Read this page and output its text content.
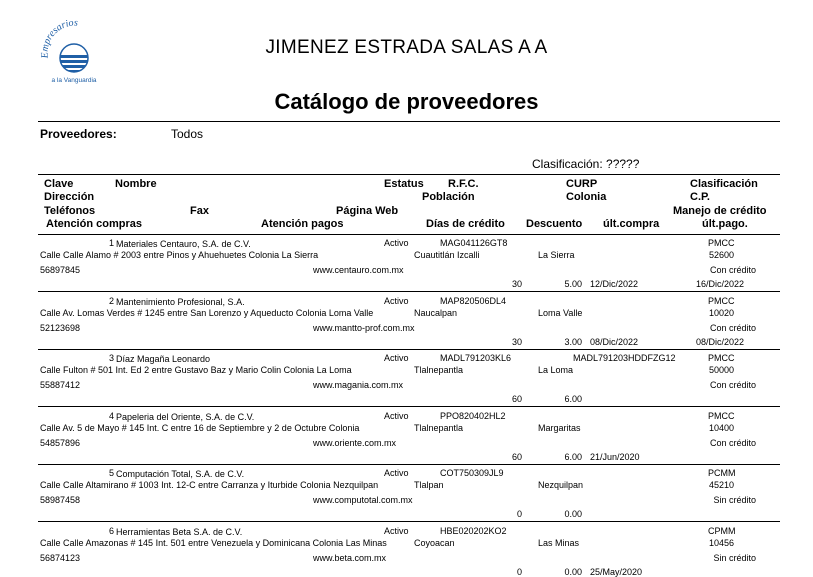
Empresarios
a la Vanguardia
JIMENEZ ESTRADA SALAS A A
Catálogo de proveedores
Proveedores:	Todos
Clasificación: ?????
Clave	Nombre	Estatus R.F.C.	CURP	Clasificación
Dirección	Población	Colonia	C.P.
Teléfonos	Fax	Página Web	Manejo de crédito
Atención compras	Atención pagos	Días de crédito Descuento últ.compra	últ.pago.
1 Materiales Centauro, S.A. de C.V.	Activo	MAG041126GT8	PMCC
Calle Calle Alamo # 2003 entre Pinos y Ahuehuetes Colonia La Sierra	Cuautitlán Izcalli	La Sierra	52600
56897845	www.centauro.com.mx	Con crédito
30	5.00 12/Dic/2022	16/Dic/2022
2 Mantenimiento Profesional, S.A.	Activo	MAP820506DL4	PMCC
Calle Av. Lomas Verdes # 1245 entre San Lorenzo y Aqueducto Colonia Loma Valle	Naucalpan	Loma Valle	10020
52123698	www.mantto-prof.com.mx	Con crédito
30	3.00 08/Dic/2022	08/Dic/2022
3 Díaz Magaña Leonardo	Activo	MADL791203KL6	MADL791203HDDFZG12	PMCC
Calle Fulton # 501 Int. Ed 2 entre Gustavo Baz y Mario Colin Colonia La Loma	Tlalnepantla	La Loma	50000
55887412	www.magania.com.mx	Con crédito
60	6.00
4 Papeleria del Oriente, S.A. de C.V.	Activo	PPO820402HL2	PMCC
Calle Av. 5 de Mayo # 145 Int. C entre 16 de Septiembre y 2 de Octubre Colonia	Tlalnepantla	Margaritas	10400
54857896	www.oriente.com.mx	Con crédito
60	6.00 21/Jun/2020
5 Computación Total, S.A. de C.V.	Activo	COT750309JL9	PCMM
Calle Calle Altamirano # 1003 Int. 12-C entre Carranza y Iturbide Colonia Nezquilpan	Tlalpan	Nezquilpan	45210
58987458	www.computotal.com.mx	Sin crédito
0	0.00
6 Herramientas Beta S.A. de C.V.	Activo	HBE020202KO2	CPMM
Calle Calle Amazonas # 145 Int. 501 entre Venezuela y Dominicana Colonia Las Minas	Coyoacan	Las Minas	10456
56874123	www.beta.com.mx	Sin crédito
0	0.00 25/May/2020
